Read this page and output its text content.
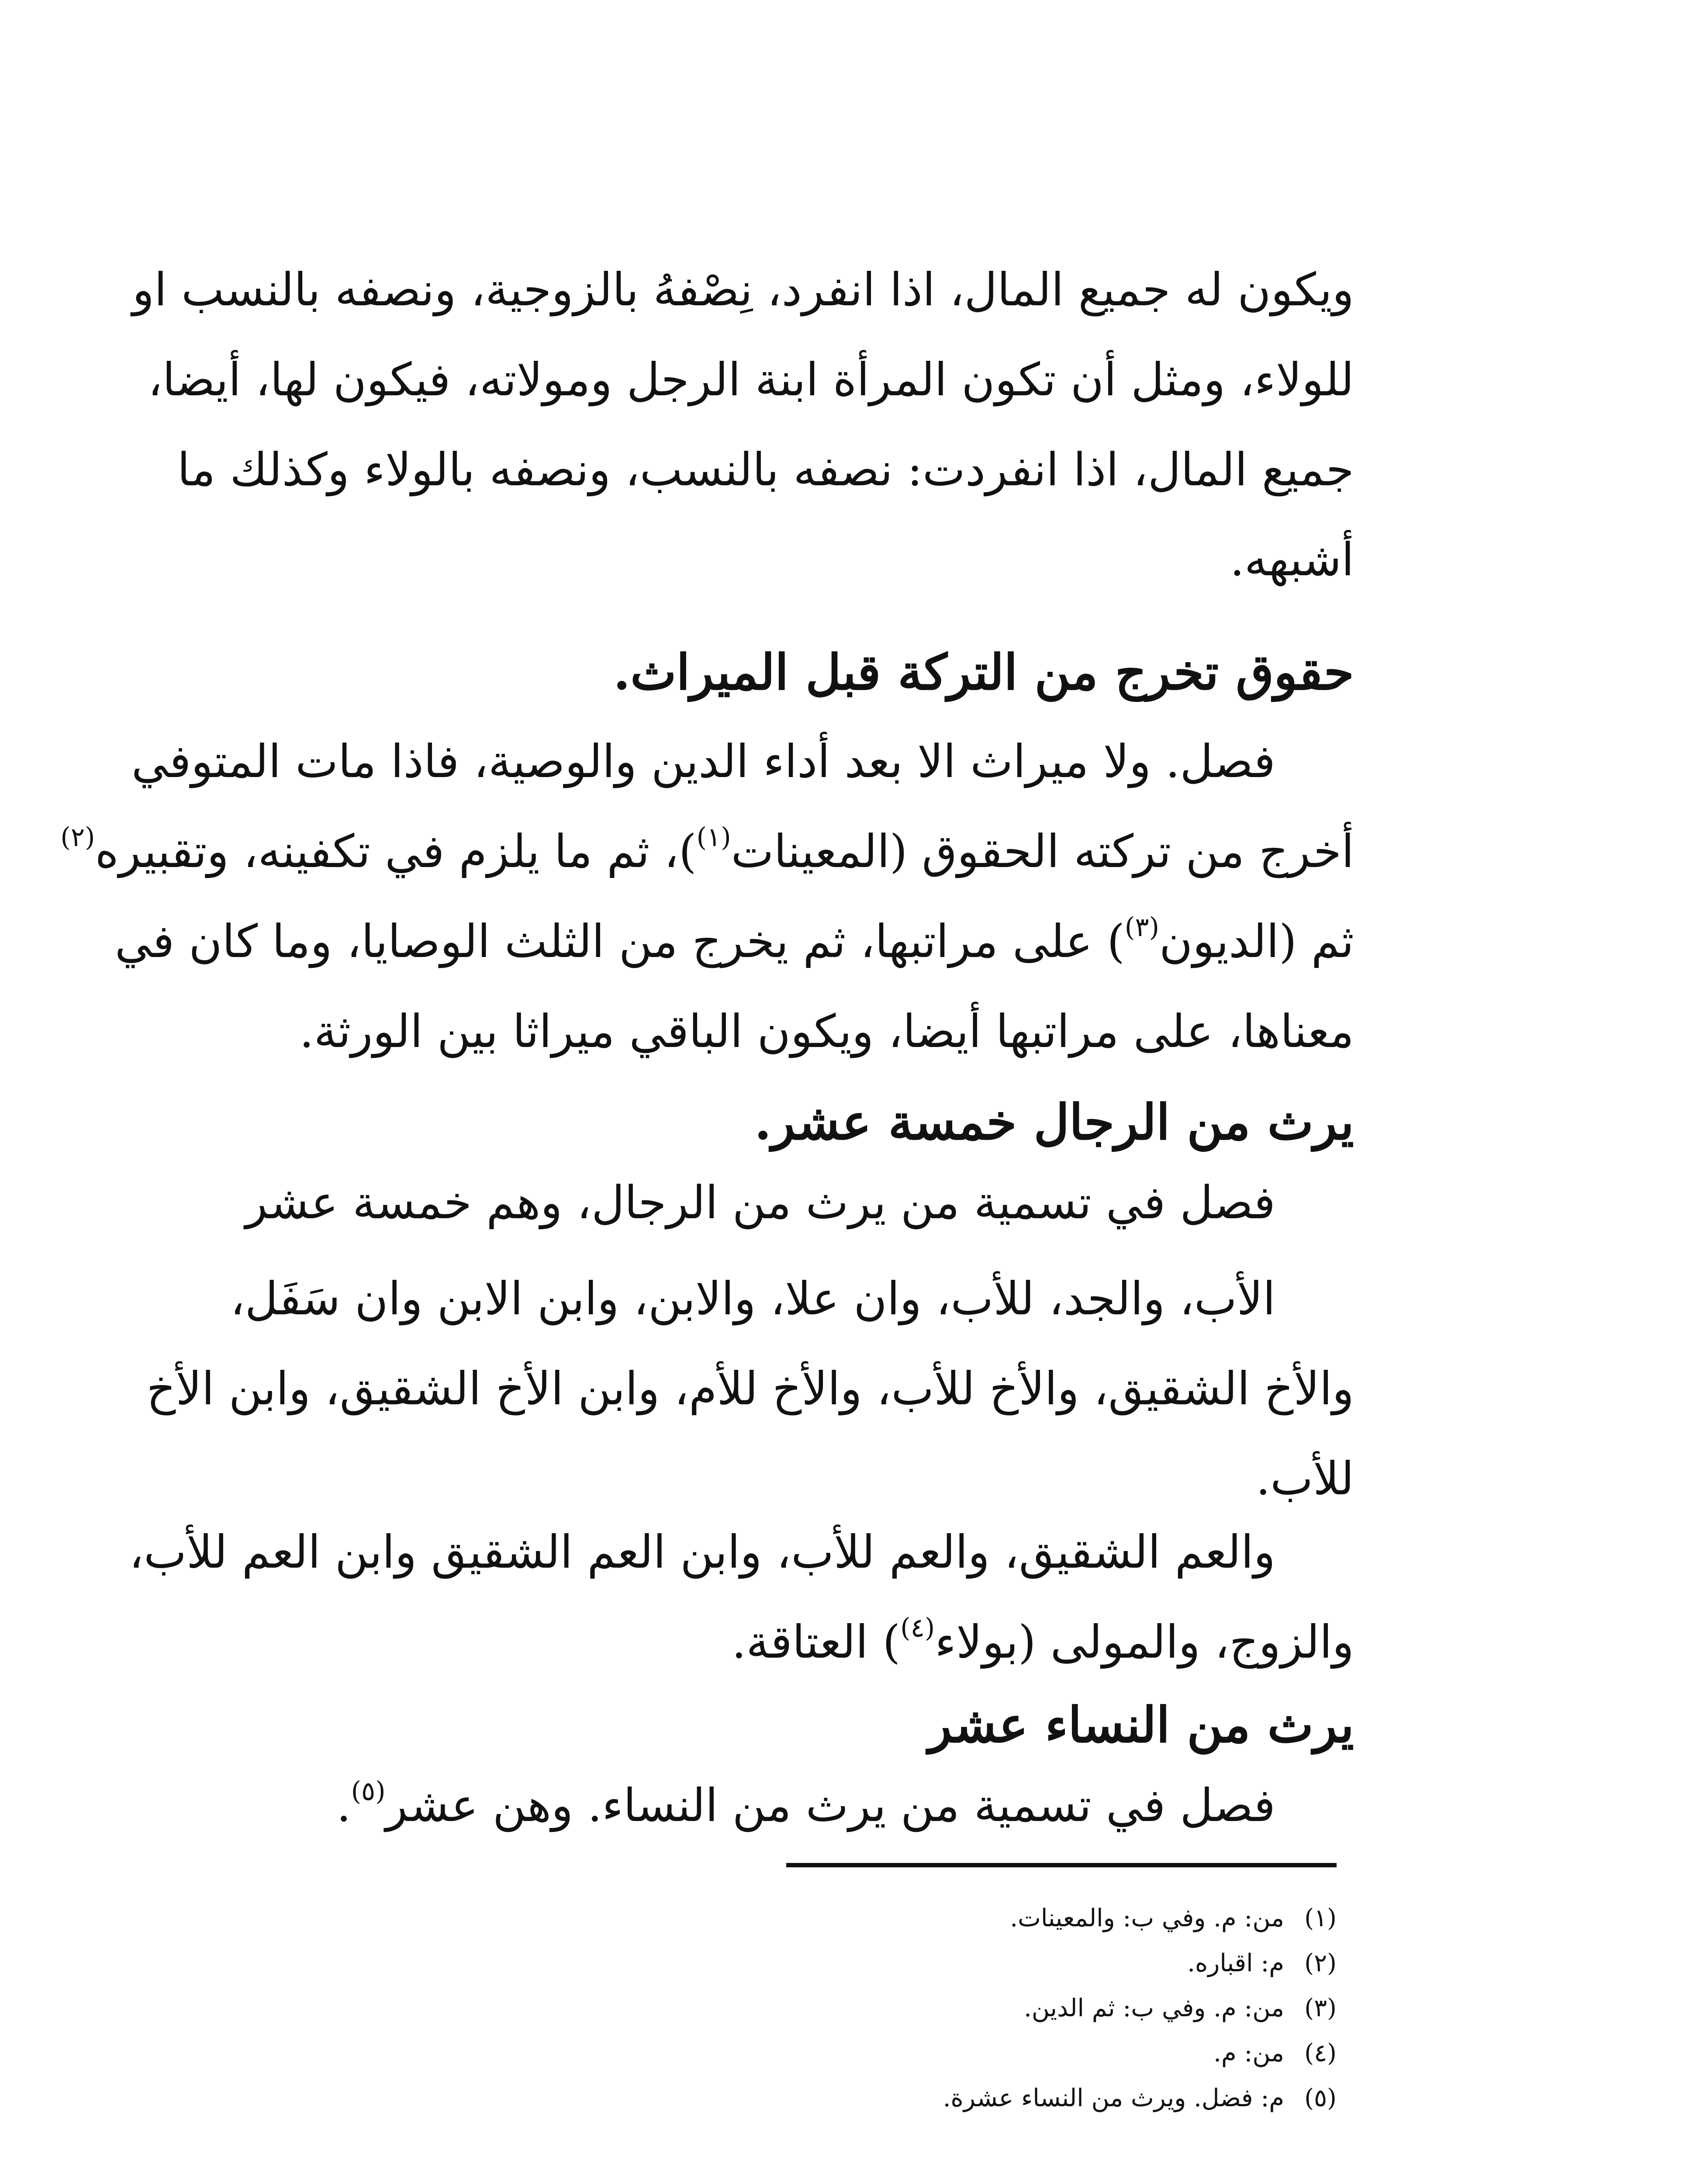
ويكون له جميع المال، اذا انفرد، نِصْفهُ بالزوجية، ونصفه بالنسب او
للولاء، ومثل أن تكون المرأة ابنة الرجل ومولاته، فيكون لها، أيضا،
جميع المال، اذا انفردت: نصفه بالنسب، ونصفه بالولاء وكذلك ما
أشبهه.
حقوق تخرج من التركة قبل الميراث.
فصل. ولا ميراث الا بعد أداء الدين والوصية، فاذا مات المتوفي
أخرج من تركته الحقوق (المعينات$^{(١)}$)، ثم ما يلزم في تكفينه، وتقبيره$^{(٢)}$
ثم (الديون$^{(٣)}$) على مراتبها، ثم يخرج من الثلث الوصايا، وما كان في
معناها، على مراتبها أيضا، ويكون الباقي ميراثا بين الورثة.
يرث من الرجال خمسة عشر.
فصل في تسمية من يرث من الرجال، وهم خمسة عشر
الأب، والجد، للأب، وان علا، والابن، وابن الابن وان سَفَل،
والأخ الشقيق، والأخ للأب، والأخ للأم، وابن الأخ الشقيق، وابن الأخ
للأب.
والعم الشقيق، والعم للأب، وابن العم الشقيق وابن العم للأب،
والزوج، والمولى (بولاء$^{(٤)}$) العتاقة.
يرث من النساء عشر
فصل في تسمية من يرث من النساء. وهن عشر$^{(٥)}$.
(١)من: م. وفي ب: والمعينات.
(٢)م: اقباره.
(٣)من: م. وفي ب: ثم الدين.
(٤)من: م.
(٥)م: فضل. ويرث من النساء عشرة.
